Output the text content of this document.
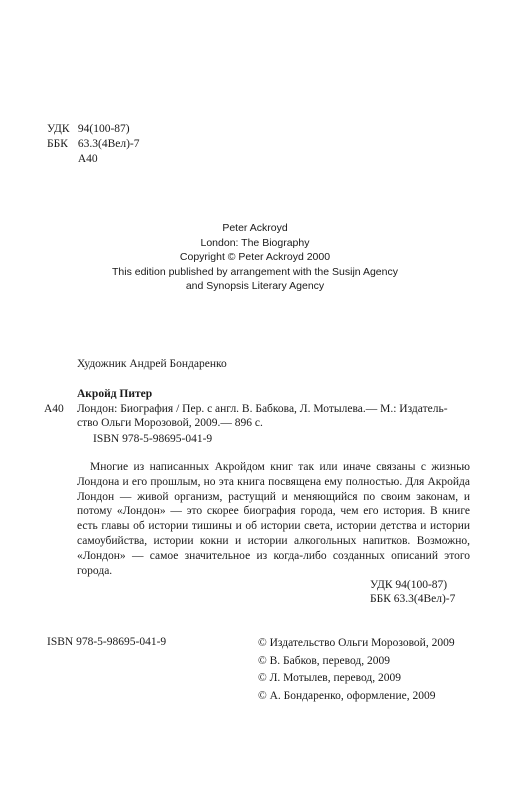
УДК 94(100-87)
ББК 63.3(4Вел)-7
А40
Peter Ackroyd
London: The Biography
Copyright © Peter Ackroyd 2000
This edition published by arrangement with the Susijn Agency
and Synopsis Literary Agency
Художник Андрей Бондаренко
Акройд Питер
А40 Лондон: Биография / Пер. с англ. В. Бабкова, Л. Мотылева.— М.: Издатель-
ство Ольги Морозовой, 2009.— 896 с.
ISBN 978-5-98695-041-9

Многие из написанных Акройдом книг так или иначе связаны с жизнью Лондона и его прошлым, но эта книга посвящена ему полностью. Для Акройда Лондон — живой организм, растущий и меняющийся по своим законам, и потому «Лондон» — это скорее биография города, чем его история. В книге есть главы об истории тишины и об истории света, истории детства и истории самоубийства, истории кокни и истории алкогольных напитков. Возможно, «Лондон» — самое значительное из когда-либо созданных описаний этого города.

УДК 94(100-87)
ББК 63.3(4Вел)-7
ISBN 978-5-98695-041-9	© Издательство Ольги Морозовой, 2009
© В. Бабков, перевод, 2009
© Л. Мотылев, перевод, 2009
© А. Бондаренко, оформление, 2009
